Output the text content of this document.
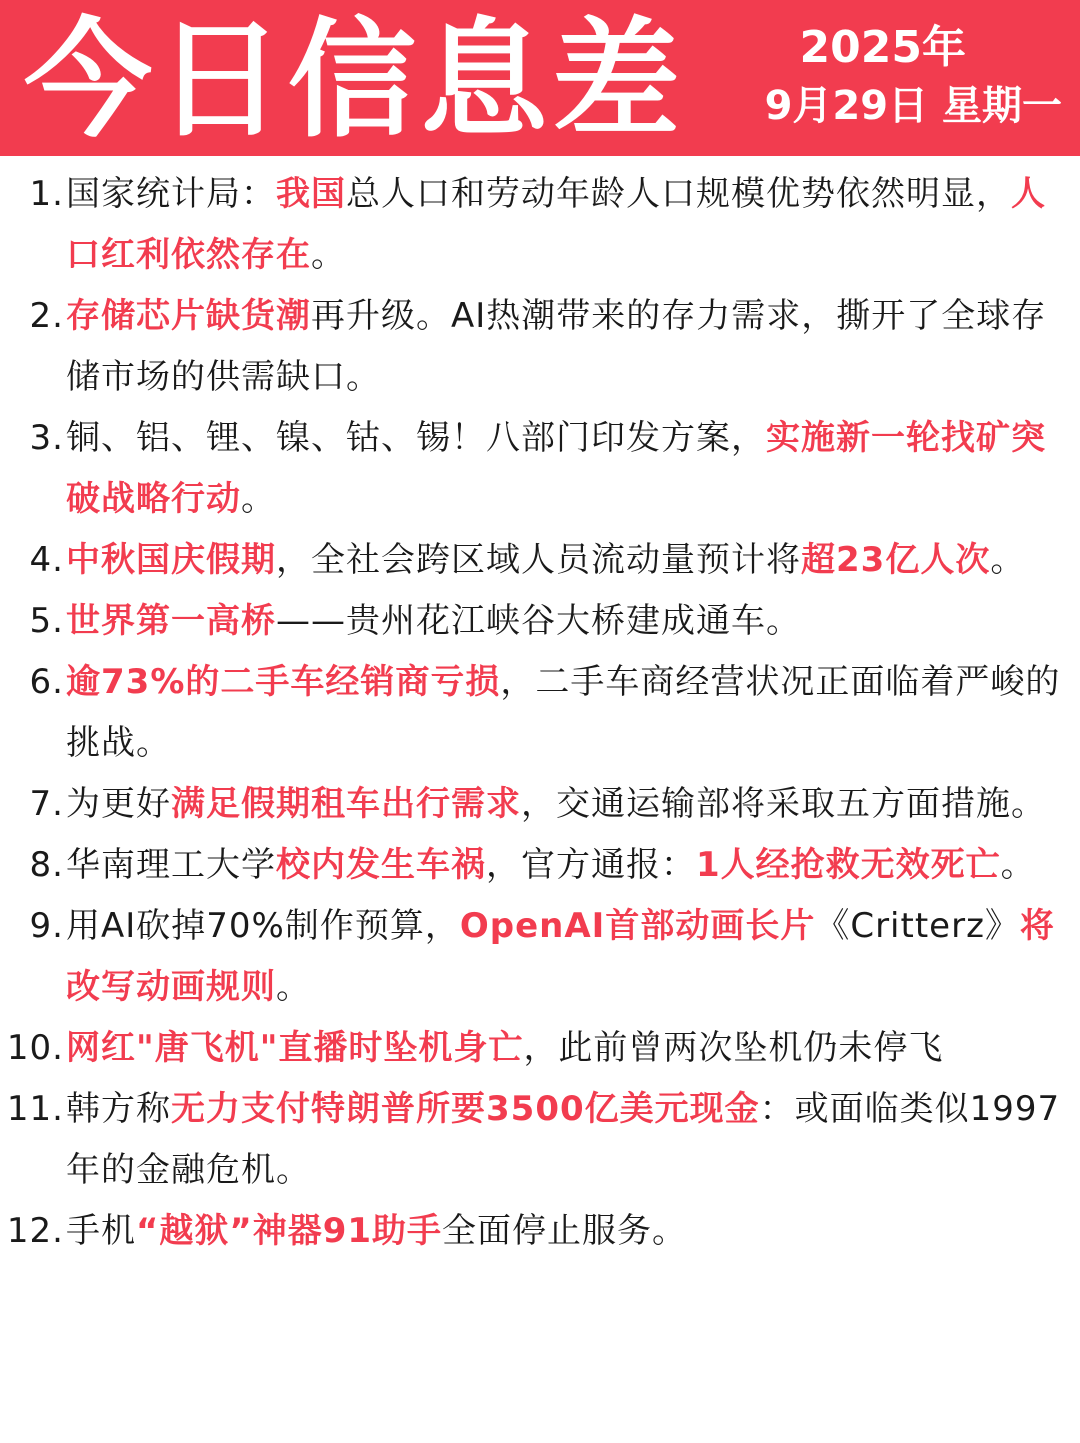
今日信息差	2025年
9月29日 星期一
1. 国家统计局：我国总人口和劳动年龄人口规模优势依然明显，人口红利依然存在。
2. 存储芯片缺货潮再升级。AI热潮带来的存力需求，撕开了全球存储市场的供需缺口。
3. 铜、铝、锂、镍、钴、锡！八部门印发方案，实施新一轮找矿突破战略行动。
4. 中秋国庆假期，全社会跨区域人员流动量预计将超23亿人次。
5. 世界第一高桥——贵州花江峡谷大桥建成通车。
6. 逾73%的二手车经销商亏损，二手车商经营状况正面临着严峻的挑战。
7. 为更好满足假期租车出行需求，交通运输部将采取五方面措施。
8. 华南理工大学校内发生车祸，官方通报：1人经抢救无效死亡。
9. 用AI砍掉70%制作预算，OpenAI首部动画长片《Critterz》将改写动画规则。
10. 网红"唐飞机"直播时坠机身亡，此前曾两次坠机仍未停飞
11. 韩方称无力支付特朗普所要3500亿美元现金：或面临类似1997年的金融危机。
12. 手机“越狱”神器91助手全面停止服务。
